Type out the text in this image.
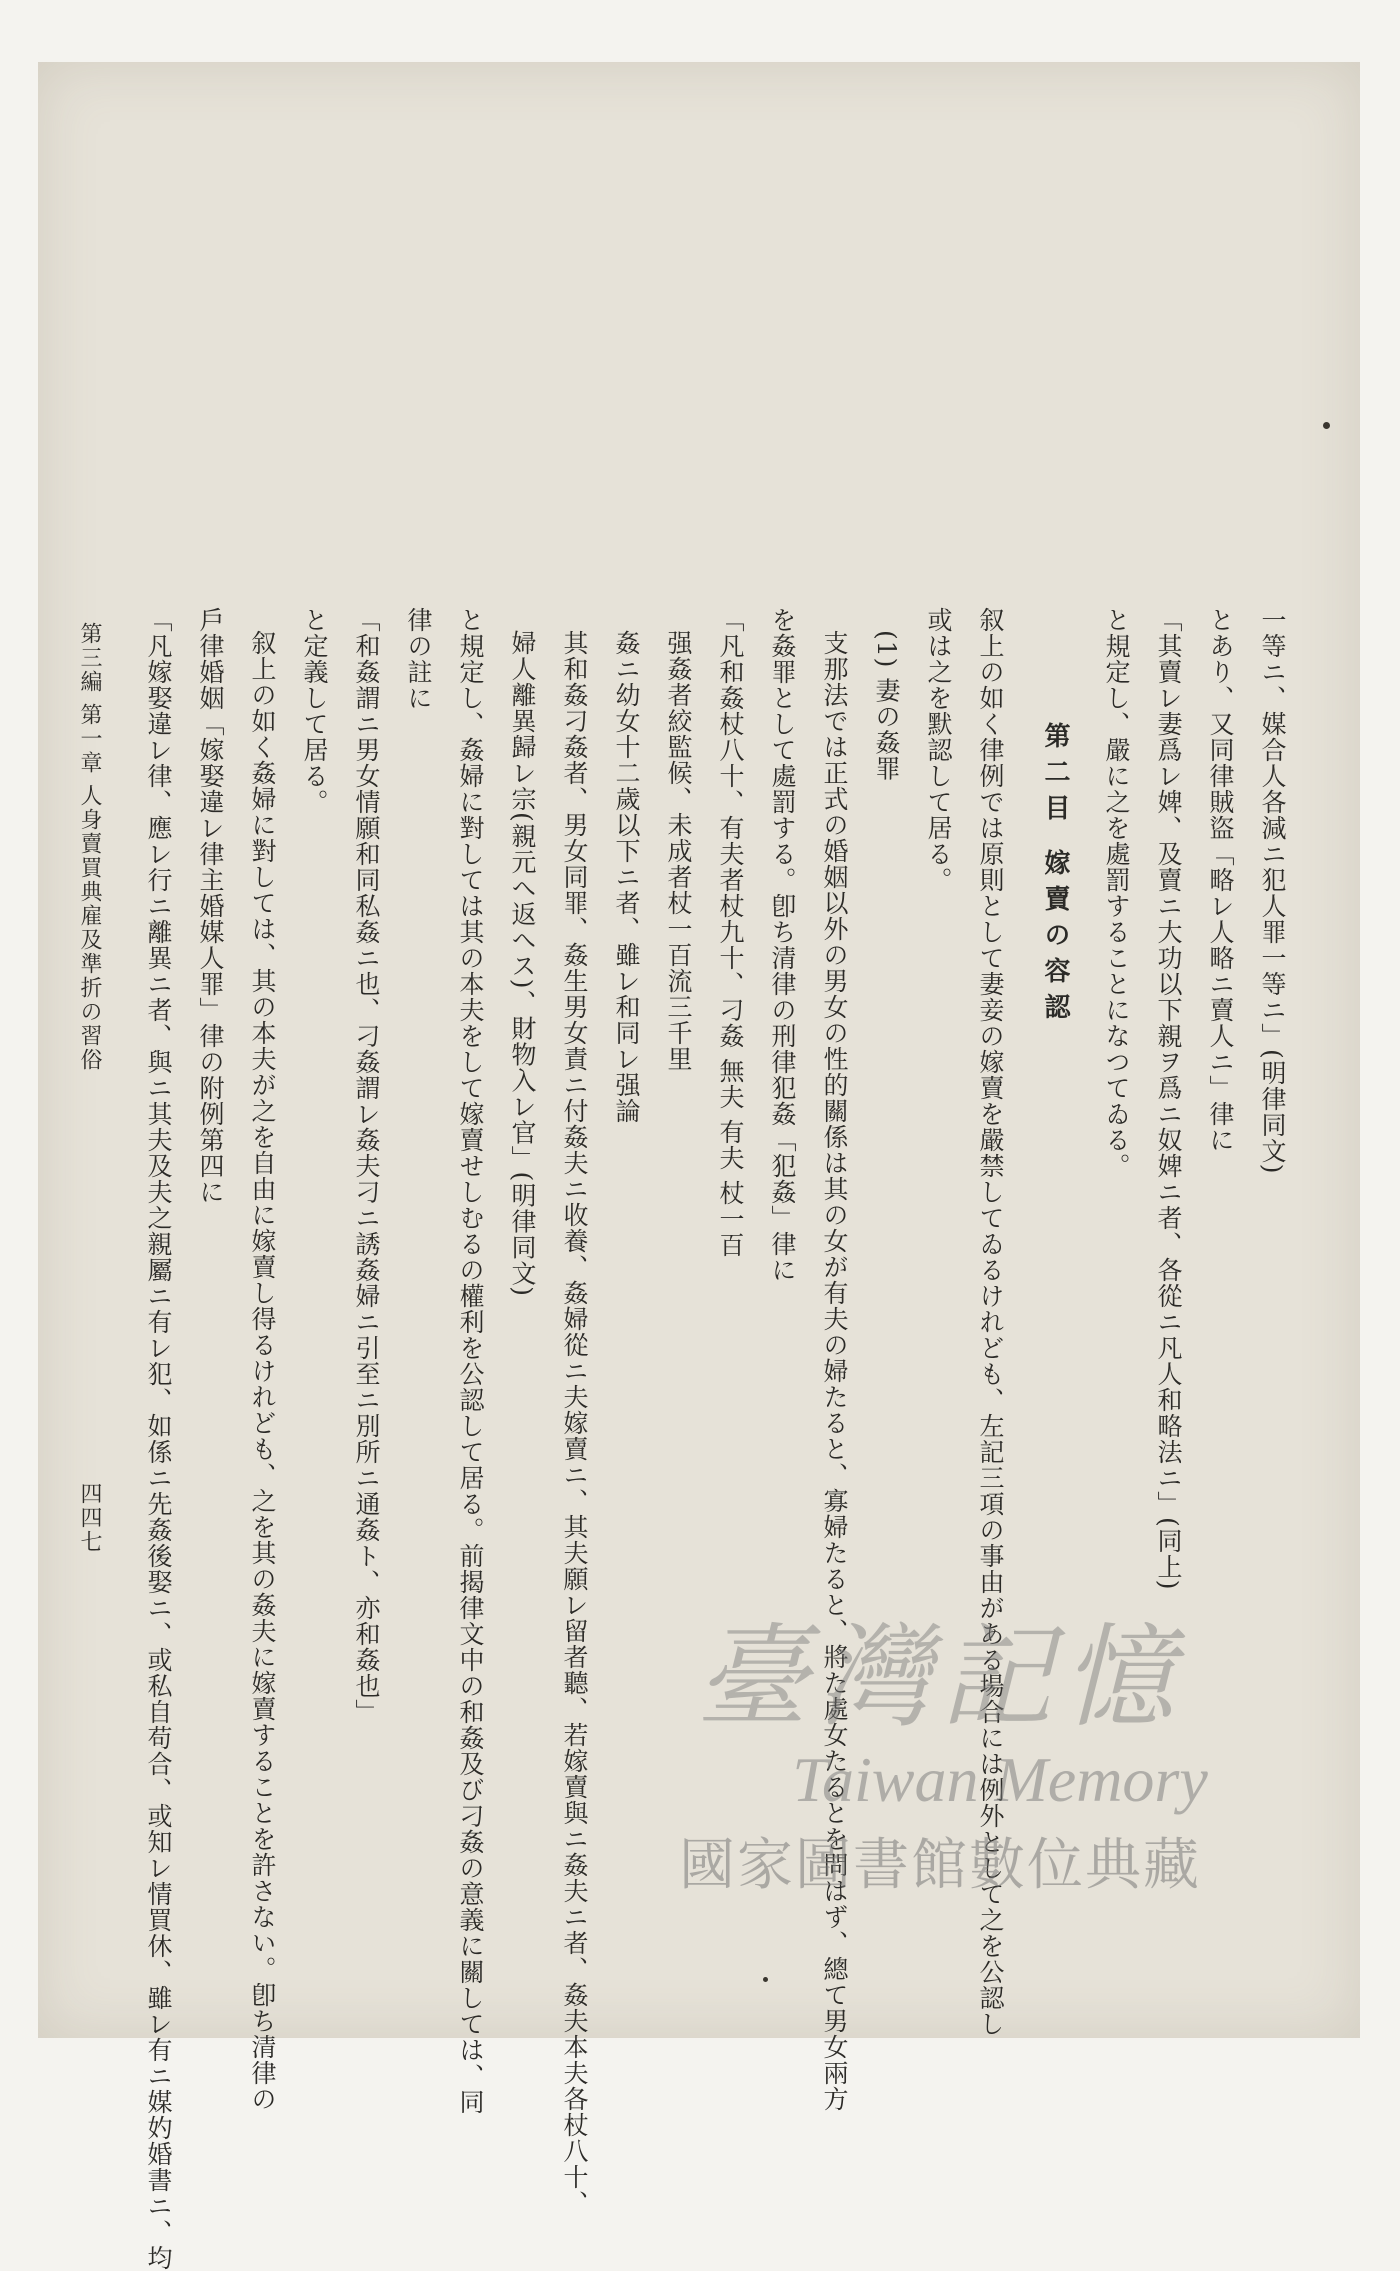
一等ニ、媒合人各減ニ犯人罪一等ニ」(明律同文)
とあり、又同律賊盜「略レ人略ニ賣人ニ」律に
「其賣レ妻爲レ婢、及賣ニ大功以下親ヲ爲ニ奴婢ニ者、各從ニ凡人和略法ニ」(同上)
と規定し、嚴に之を處罰することになつてゐる。
第二目 嫁賣の容認
叙上の如く律例では原則として妻妾の嫁賣を嚴禁してゐるけれども、左記三項の事由がある場合には例外として之を公認し
或は之を默認して居る。
(1) 妻の姦罪
支那法では正式の婚姻以外の男女の性的關係は其の女が有夫の婦たると、寡婦たると、將た處女たるとを問はず、總て男女兩方
を姦罪として處罰する。卽ち清律の刑律犯姦「犯姦」律に
「凡和姦杖八十、有夫者杖九十、刁姦 無夫 有夫 杖一百
强姦者絞監候、未成者杖一百流三千里
姦ニ幼女十二歲以下ニ者、雖レ和同レ强論
其和姦刁姦者、男女同罪、姦生男女責ニ付姦夫ニ收養、姦婦從ニ夫嫁賣ニ、其夫願レ留者聽、若嫁賣與ニ姦夫ニ者、姦夫本夫各杖八十、
婦人離異歸レ宗(親元へ返へス)、財物入レ官」(明律同文)
と規定し、姦婦に對しては其の本夫をして嫁賣せしむるの權利を公認して居る。前揭律文中の和姦及び刁姦の意義に關しては、同
律の註に
「和姦謂ニ男女情願和同私姦ニ也、刁姦謂レ姦夫刁ニ誘姦婦ニ引至ニ別所ニ通姦ト、亦和姦也」
と定義して居る。
叙上の如く姦婦に對しては、其の本夫が之を自由に嫁賣し得るけれども、之を其の姦夫に嫁賣することを許さない。卽ち清律の
戶律婚姻「嫁娶違レ律主婚媒人罪」律の附例第四に
「凡嫁娶違レ律、應レ行ニ離異ニ者、與ニ其夫及夫之親屬ニ有レ犯、如係ニ先姦後娶ニ、或私自苟合、或知レ情買休、雖レ有ニ媒妁婚書ニ、均
第三編 第一章 人身賣買典雇及準折の習俗
四四七
臺灣記憶
Taiwan Memory
國家圖書館數位典藏
